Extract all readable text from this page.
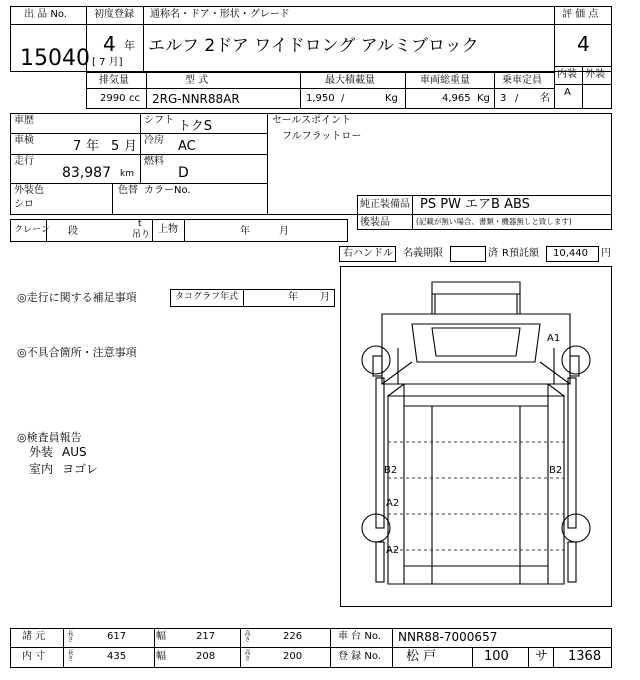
出 品 No.
15040
初度登録
4 年
[ 7 月]
通称名・ドア・形状・グレード
エルフ 2ドア ワイドロング アルミブロック
評 価 点
4
内装 外装
A
排気量
2990 cc
型 式
2RG-NNR88AR
最大積載量
1,950 /	Kg
車両総重量
4,965 Kg
乗車定員
3 / 名
車歴	シフト トクS
車検	7 年 5 月 冷房 AC
走行
83,987 km
燃料
D
外装色
シロ
色替 カラーNo.
セールスポイント
フルフラットロー
純正装備品 PS PW エアB ABS
後装品	(記載が無い場合、書類・機器無しと致します)
クレーン 段
t
吊り 上物	年	月
右ハンドル 名義期限	済 R預託額 10,440 円
◎走行に関する補足事項	タコグラフ年式	年 月
◎不具合箇所・注意事項
◎検査員報告
外装 AUS
室内 ヨゴレ
A1
B2	B2
A2
A2
諸 元
内 寸
長さ	617	幅	217	高さ	226	車 台 No. NNR88-7000657
長さ	435	幅	208	高さ	200	登 録 No. 松 戸	100 サ 1368
